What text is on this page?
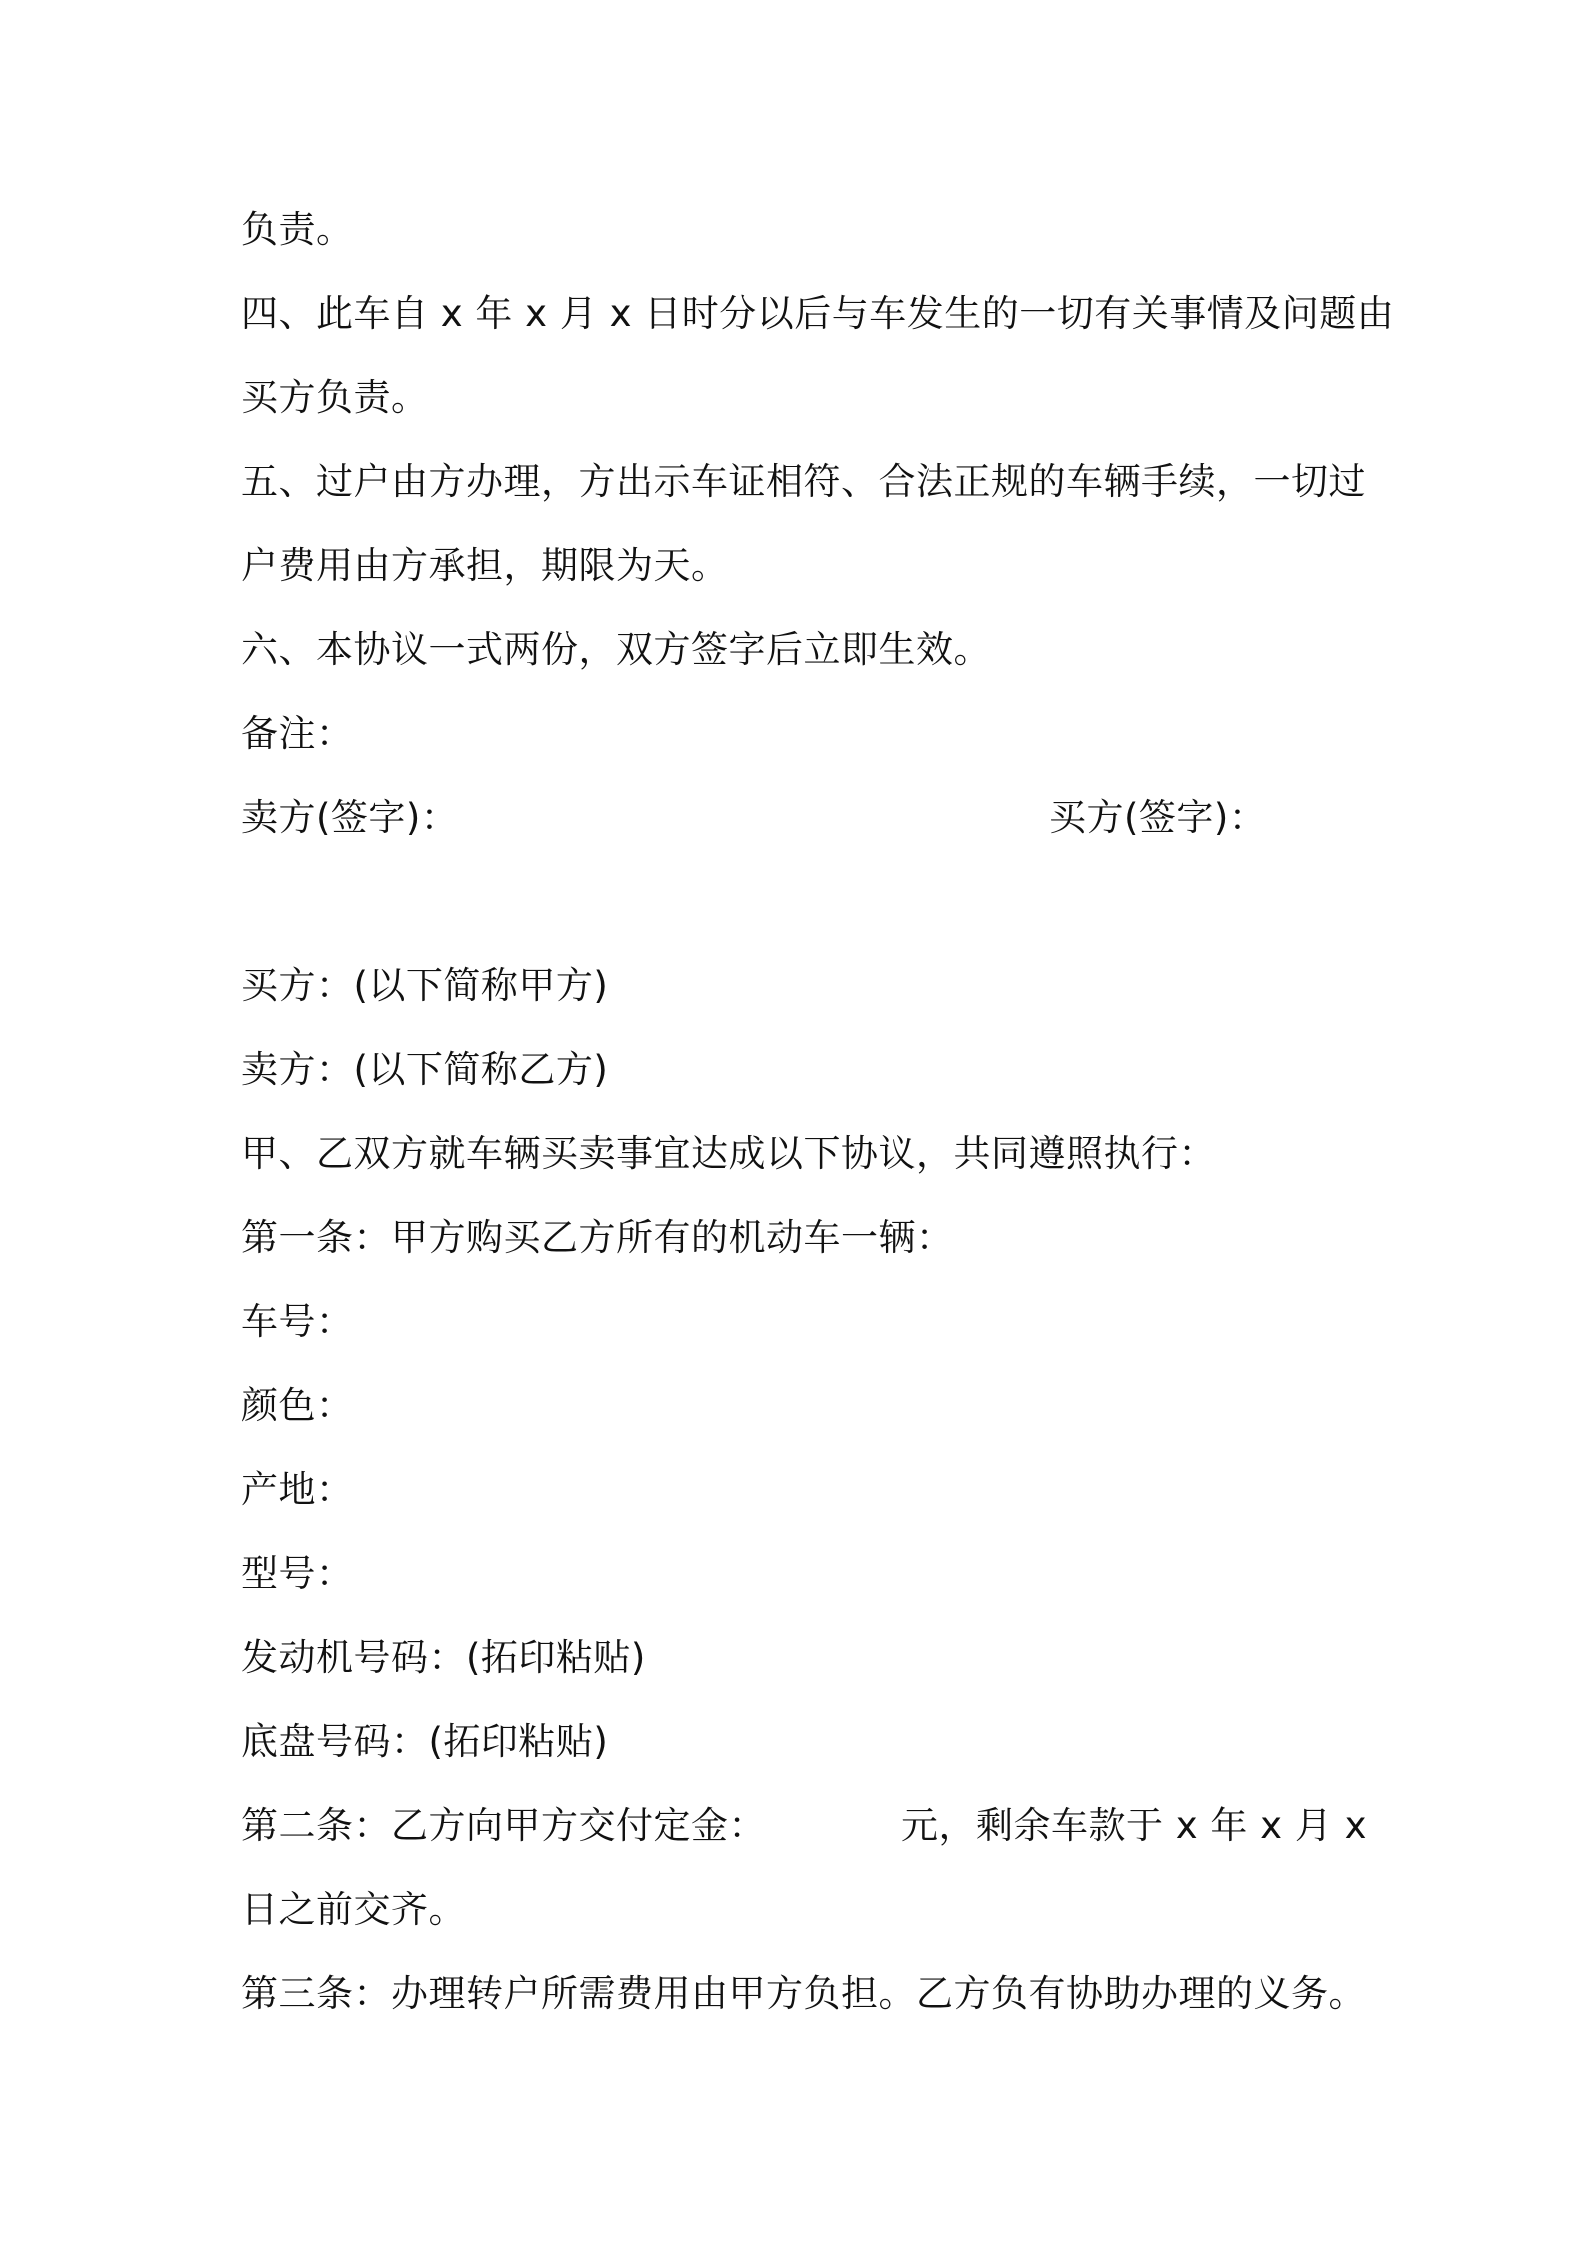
负责。
四、此车自 x 年 x 月 x 日时分以后与车发生的一切有关事情及问题由
买方负责。
五、过户由方办理，方出示车证相符、合法正规的车辆手续，一切过
户费用由方承担，期限为天。
六、本协议一式两份，双方签字后立即生效。
备注：
卖方(签字)：	买方(签字)：
买方：(以下简称甲方)
卖方：(以下简称乙方)
甲、乙双方就车辆买卖事宜达成以下协议，共同遵照执行：
第一条：甲方购买乙方所有的机动车一辆：
车号：
颜色：
产地：
型号：
发动机号码：(拓印粘贴)
底盘号码：(拓印粘贴)
第二条：乙方向甲方交付定金：	元，剩余车款于 x 年 x 月 x
日之前交齐。
第三条：办理转户所需费用由甲方负担。乙方负有协助办理的义务。
